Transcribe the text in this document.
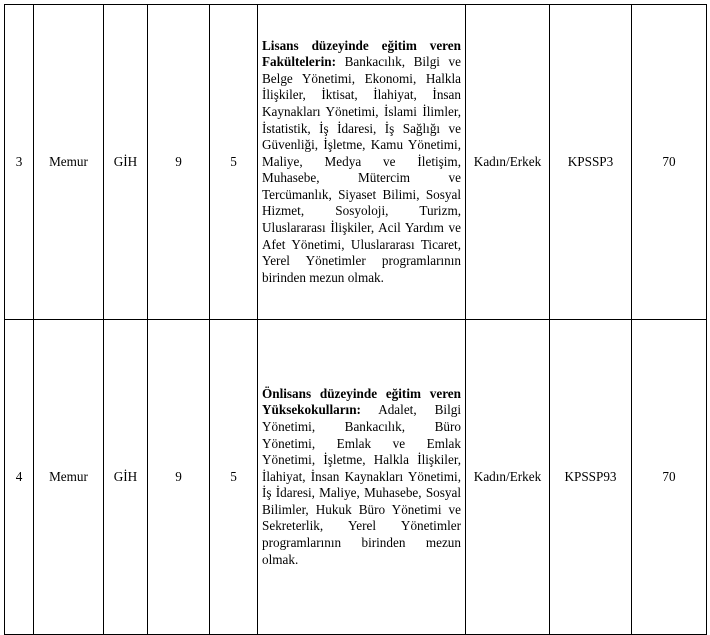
3	Memur	GİH	9	5	Lisans düzeyinde eğitim veren Fakültelerin: Bankacılık, Bilgi ve Belge Yönetimi, Ekonomi, Halkla İlişkiler, İktisat, İlahiyat, İnsan Kaynakları Yönetimi, İslami İlimler, İstatistik, İş İdaresi, İş Sağlığı ve Güvenliği, İşletme, Kamu Yönetimi, Maliye, Medya ve İletişim, Muhasebe, Mütercim ve Tercümanlık, Siyaset Bilimi, Sosyal Hizmet, Sosyoloji, Turizm, Uluslararası İlişkiler, Acil Yardım ve Afet Yönetimi, Uluslararası Ticaret, Yerel Yönetimler programlarının birinden mezun olmak.	Kadın/Erkek	KPSSP3	70
4	Memur	GİH	9	5	Önlisans düzeyinde eğitim veren Yüksekokulların: Adalet, Bilgi Yönetimi, Bankacılık, Büro Yönetimi, Emlak ve Emlak Yönetimi, İşletme, Halkla İlişkiler, İlahiyat, İnsan Kaynakları Yönetimi, İş İdaresi, Maliye, Muhasebe, Sosyal Bilimler, Hukuk Büro Yönetimi ve Sekreterlik, Yerel Yönetimler programlarının birinden mezun olmak.	Kadın/Erkek	KPSSP93	70
